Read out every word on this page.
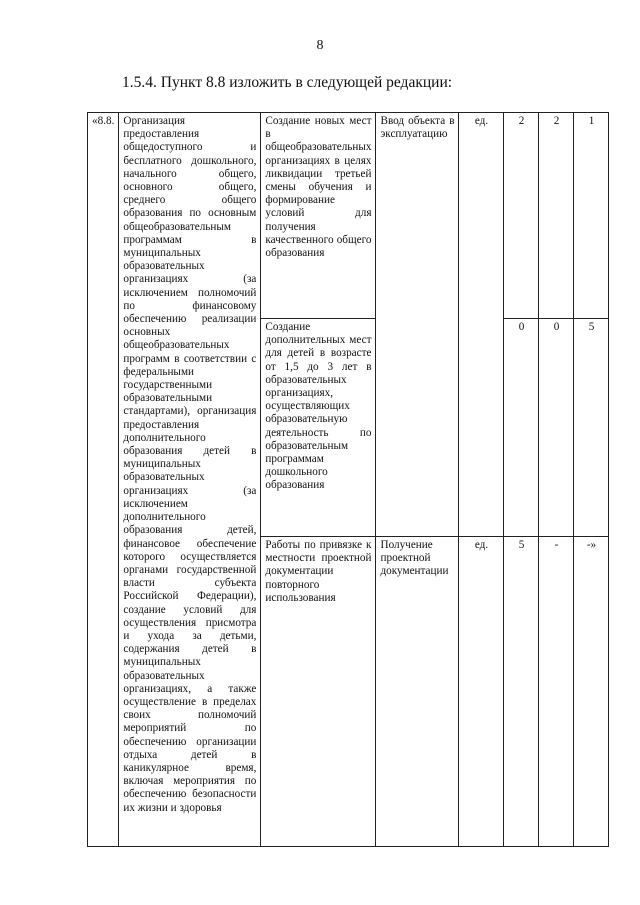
8
1.5.4. Пункт 8.8 изложить в следующей редакции:
«8.8.	Организация предоставления общедоступного и бесплатного дошкольного, начального общего, основного общего, среднего общего образования по основным общеобразовательным программам в муниципальных образовательных организациях (за исключением полномочий по финансовому обеспечению реализации основных общеобразовательных программ в соответствии с федеральными государственными образовательными стандартами), организация предоставления дополнительного образования детей в муниципальных образовательных организациях (за исключением дополнительного образования детей, финансовое обеспечение которого осуществляется органами государственной власти субъекта Российской Федерации), создание условий для осуществления присмотра и ухода за детьми, содержания детей в муниципальных образовательных организациях, а также осуществление в пределах своих полномочий мероприятий по обеспечению организации отдыха детей в каникулярное время, включая мероприятия по обеспечению безопасности их жизни и здоровья	Создание новых мест в общеобразовательных организациях в целях ликвидации третьей смены обучения и формирование условий для получения качественного общего образования	Ввод объекта в эксплуатацию	ед.	2	2	1

		Создание дополнительных мест для детей в возрасте от 1,5 до 3 лет в образовательных организациях, осуществляющих образовательную деятельность по образовательным программам дошкольного образования			0	0	5

		Работы по привязке к местности проектной документации повторного использования	Получение проектной документации	ед.	5	-	-»
